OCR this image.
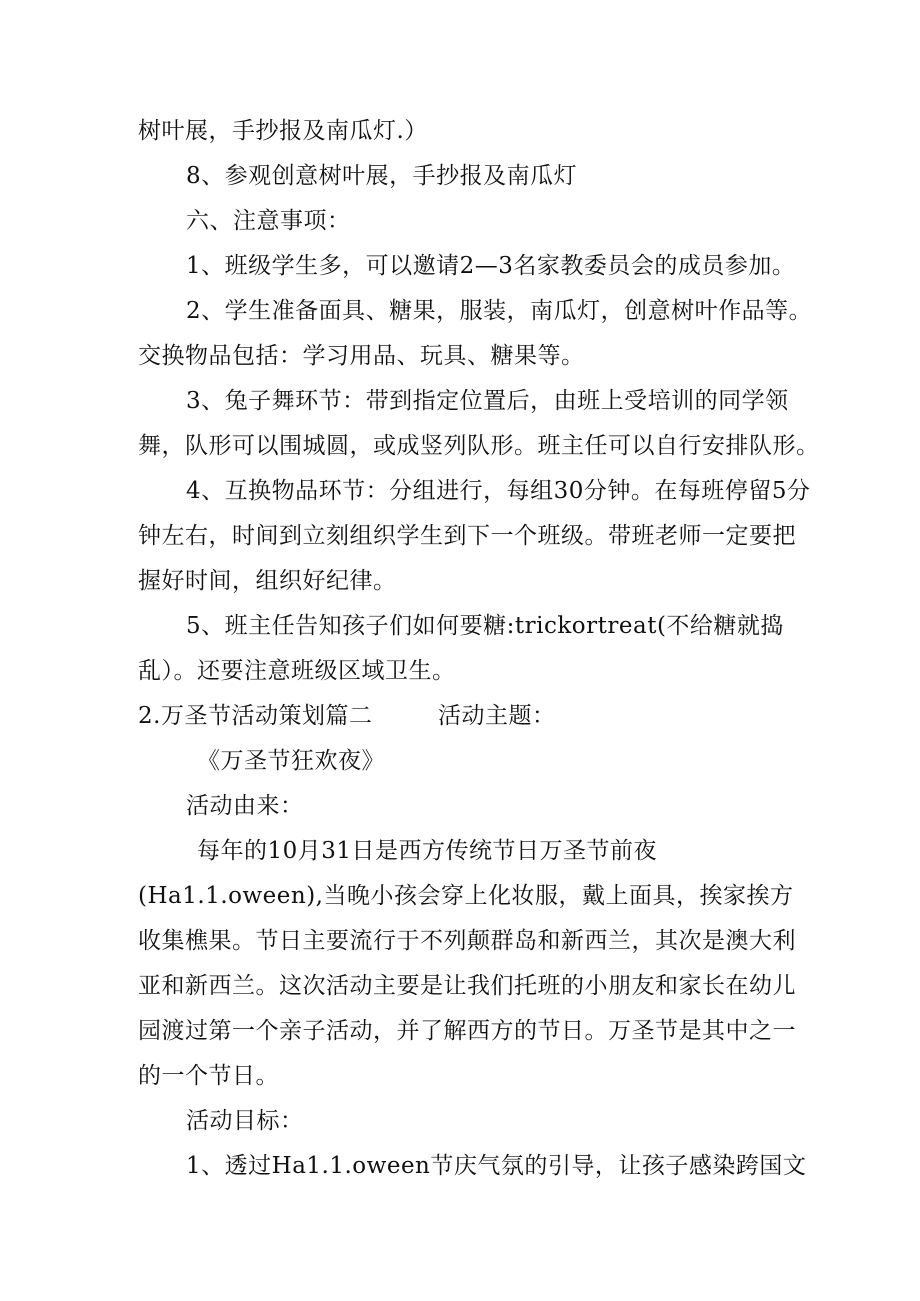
树叶展，手抄报及南瓜灯.）
8、参观创意树叶展，手抄报及南瓜灯
六、注意事项：
1、班级学生多，可以邀请2—3名家教委员会的成员参加。
2、学生准备面具、糖果，服装，南瓜灯，创意树叶作品等。
交换物品包括：学习用品、玩具、糖果等。
3、兔子舞环节：带到指定位置后，由班上受培训的同学领
舞，队形可以围城圆，或成竖列队形。班主任可以自行安排队形。
4、互换物品环节：分组进行，每组30分钟。在每班停留5分
钟左右，时间到立刻组织学生到下一个班级。带班老师一定要把
握好时间，组织好纪律。
5、班主任告知孩子们如何要糖:trickortreat(不给糖就捣
乱）。还要注意班级区域卫生。
2.万圣节活动策划篇二	活动主题：
《万圣节狂欢夜》
活动由来：
每年的10月31日是西方传统节日万圣节前夜
(Ha1.1.oween),当晚小孩会穿上化妆服，戴上面具，挨家挨方
收集樵果。节日主要流行于不列颠群岛和新西兰，其次是澳大利
亚和新西兰。这次活动主要是让我们托班的小朋友和家长在幼儿
园渡过第一个亲子活动，并了解西方的节日。万圣节是其中之一
的一个节日。
活动目标：
1、透过Ha1.1.oween节庆气氛的引导，让孩子感染跨国文
